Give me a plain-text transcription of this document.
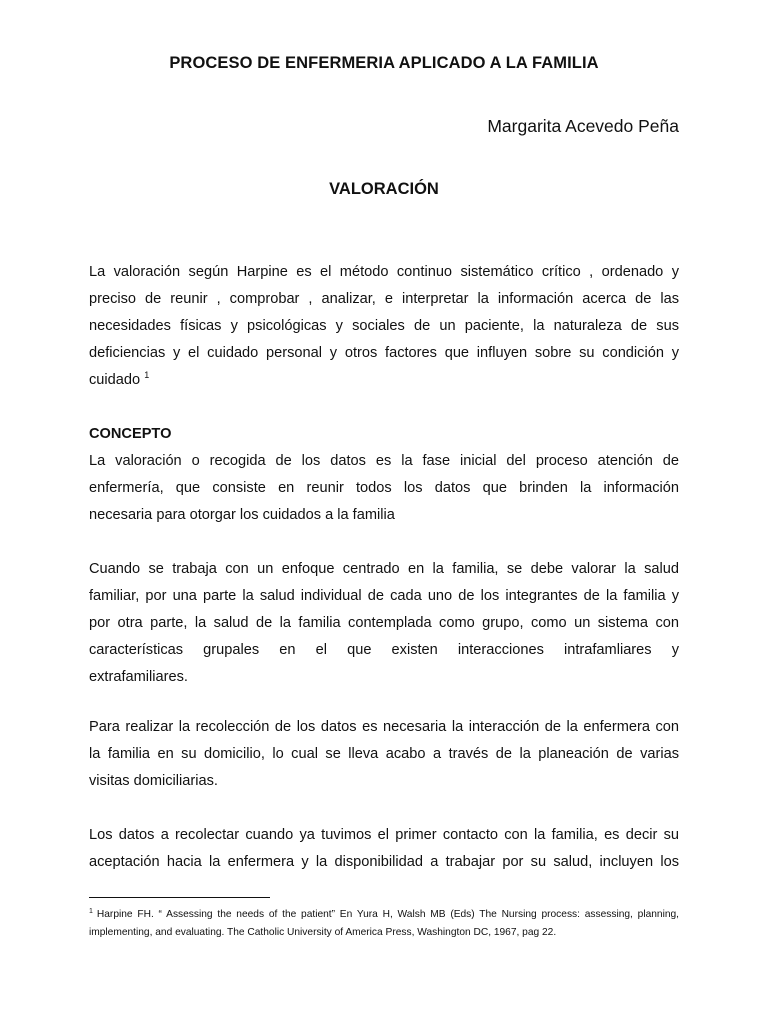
PROCESO DE ENFERMERIA APLICADO A LA FAMILIA
Margarita Acevedo Peña
VALORACIÓN

La valoración según Harpine es el método continuo sistemático crítico , ordenado y
preciso de reunir , comprobar , analizar, e interpretar la información acerca de las
necesidades físicas y psicológicas y sociales de un paciente, la naturaleza de sus
deficiencias y el cuidado personal y otros factores que influyen sobre su condición y
cuidado $^1$

CONCEPTO

La valoración o recogida de los datos es la fase inicial del proceso atención de
enfermería, que consiste en reunir todos los datos que brinden la información
necesaria para otorgar los cuidados a la familia

Cuando se trabaja con un enfoque centrado en la familia, se debe valorar la salud
familiar, por una parte la salud individual de cada uno de los integrantes de la familia y
por otra parte, la salud de la familia contemplada como grupo, como un sistema con
características grupales en el que existen interacciones intrafamliares y
extrafamiliares.

Para realizar la recolección de los datos es necesaria la interacción de la enfermera con
la familia en su domicilio, lo cual se lleva acabo a través de la planeación de varias
visitas domiciliarias.

Los datos a recolectar cuando ya tuvimos el primer contacto con la familia, es decir su
aceptación hacia la enfermera y la disponibilidad a trabajar por su salud, incluyen los

$^1$ Harpine FH. “ Assessing the needs of the patient” En Yura H, Walsh MB (Eds) The Nursing process: assessing, planning,
implementing, and evaluating. The Catholic University of America Press, Washington DC, 1967, pag 22.
